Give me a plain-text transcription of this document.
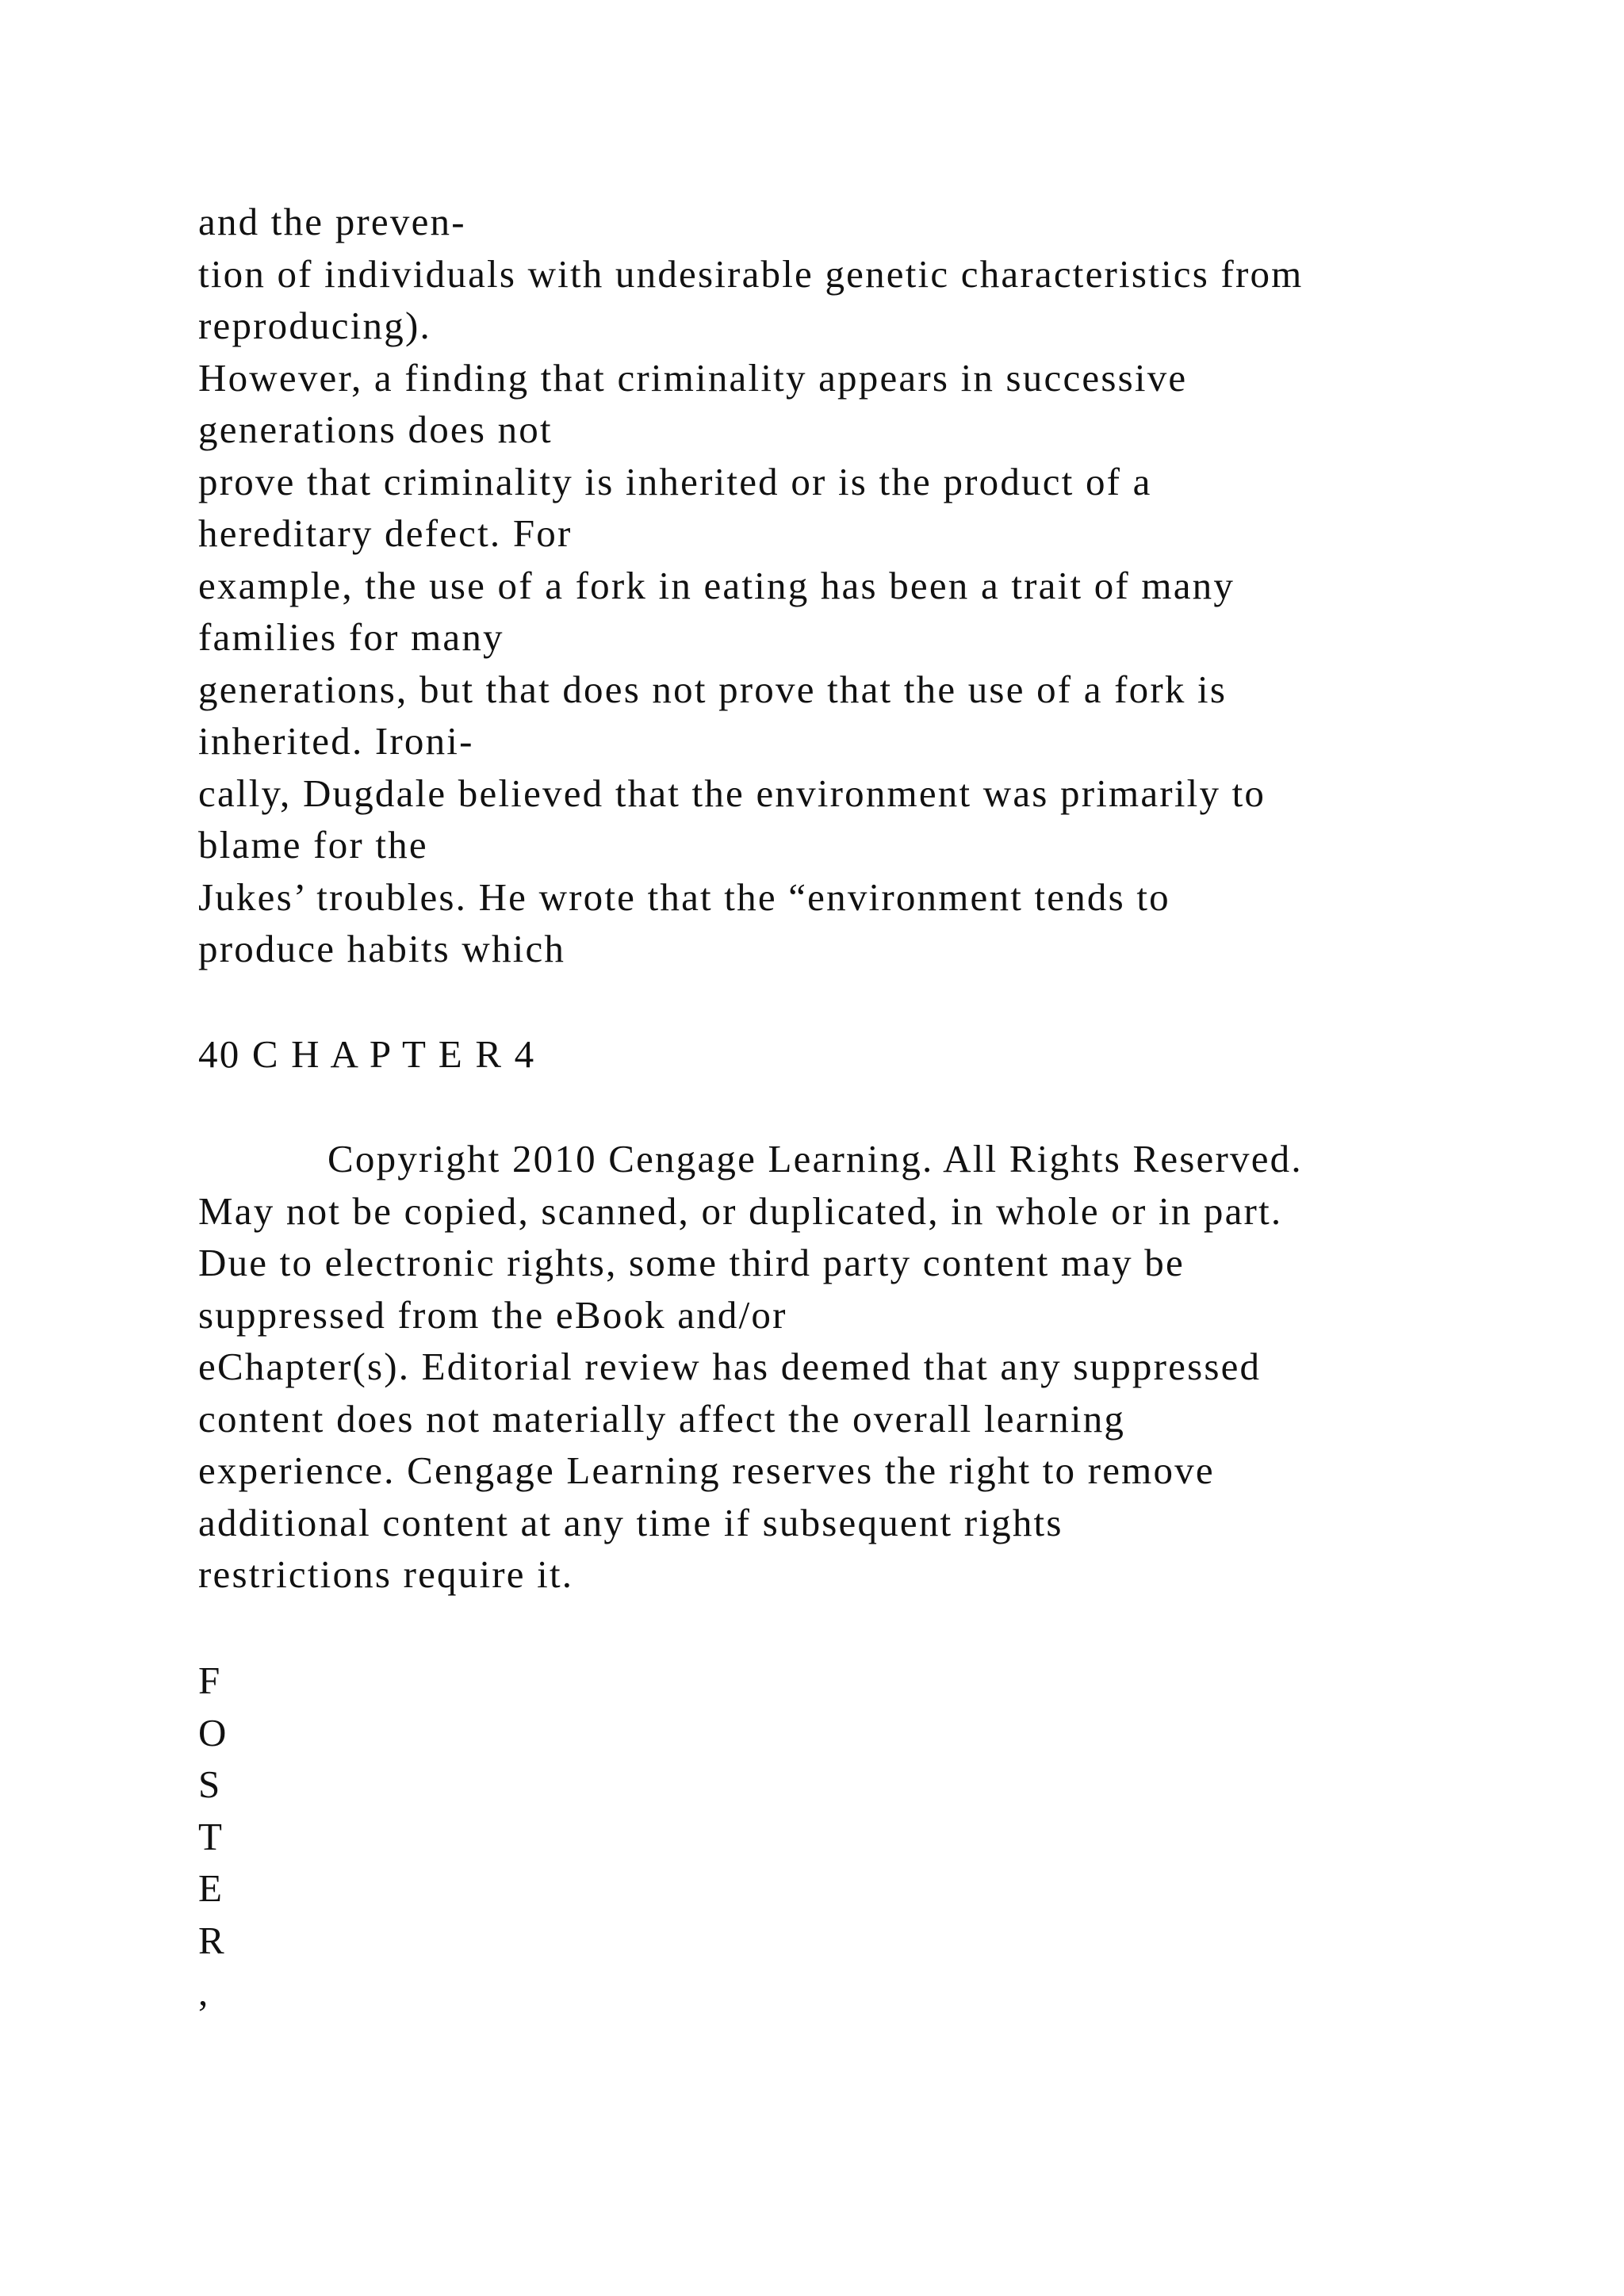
and the preven-
tion of individuals with undesirable genetic characteristics from
reproducing).
However, a finding that criminality appears in successive
generations does not
prove that criminality is inherited or is the product of a
hereditary defect. For
example, the use of a fork in eating has been a trait of many
families for many
generations, but that does not prove that the use of a fork is
inherited. Ironi-
cally, Dugdale believed that the environment was primarily to
blame for the
Jukes’ troubles. He wrote that the “environment tends to
produce habits which
40 C H A P T E R 4
Copyright 2010 Cengage Learning. All Rights Reserved.
May not be copied, scanned, or duplicated, in whole or in part.
Due to electronic rights, some third party content may be
suppressed from the eBook and/or
eChapter(s). Editorial review has deemed that any suppressed
content does not materially affect the overall learning
experience. Cengage Learning reserves the right to remove
additional content at any time if subsequent rights
restrictions require it.
F
O
S
T
E
R
,
